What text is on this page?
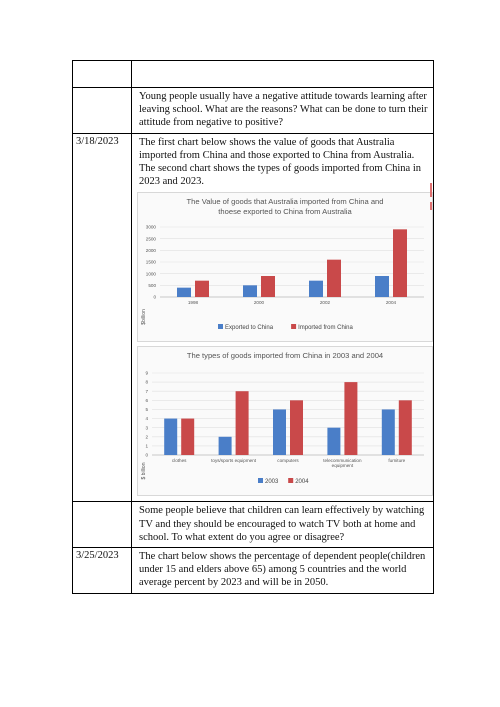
Young people usually have a negative attitude towards learning after leaving school. What are the reasons? What can be done to turn their attitude from negative to positive?

3/18/2023	The first chart below shows the value of goods that Australia imported from China and those exported to China from Australia.

The second chart shows the types of goods imported from China in 2023 and 2023.

The Value of goods that Australia imported from China and
thoese exported to China from Australia
0
500
1000
1500
2000
2500
3000
1998	2000	2002	2004
$billion
Exported to China	Imported from China
The types of goods imported from China in 2003 and 2004
0
1
2
3
4
5
6
7
8
9
clothes	toys/sports equipment	computers	telecommunication
equipment
furniture
$ billion
2003	2004

Some people believe that children can learn effectively by watching TV and they should be encouraged to watch TV both at home and school. To what extent do you agree or disagree?

3/25/2023	The chart below shows the percentage of dependent people(children under 15 and elders above 65) among 5 countries and the world average percent by 2023 and will be in 2050.
